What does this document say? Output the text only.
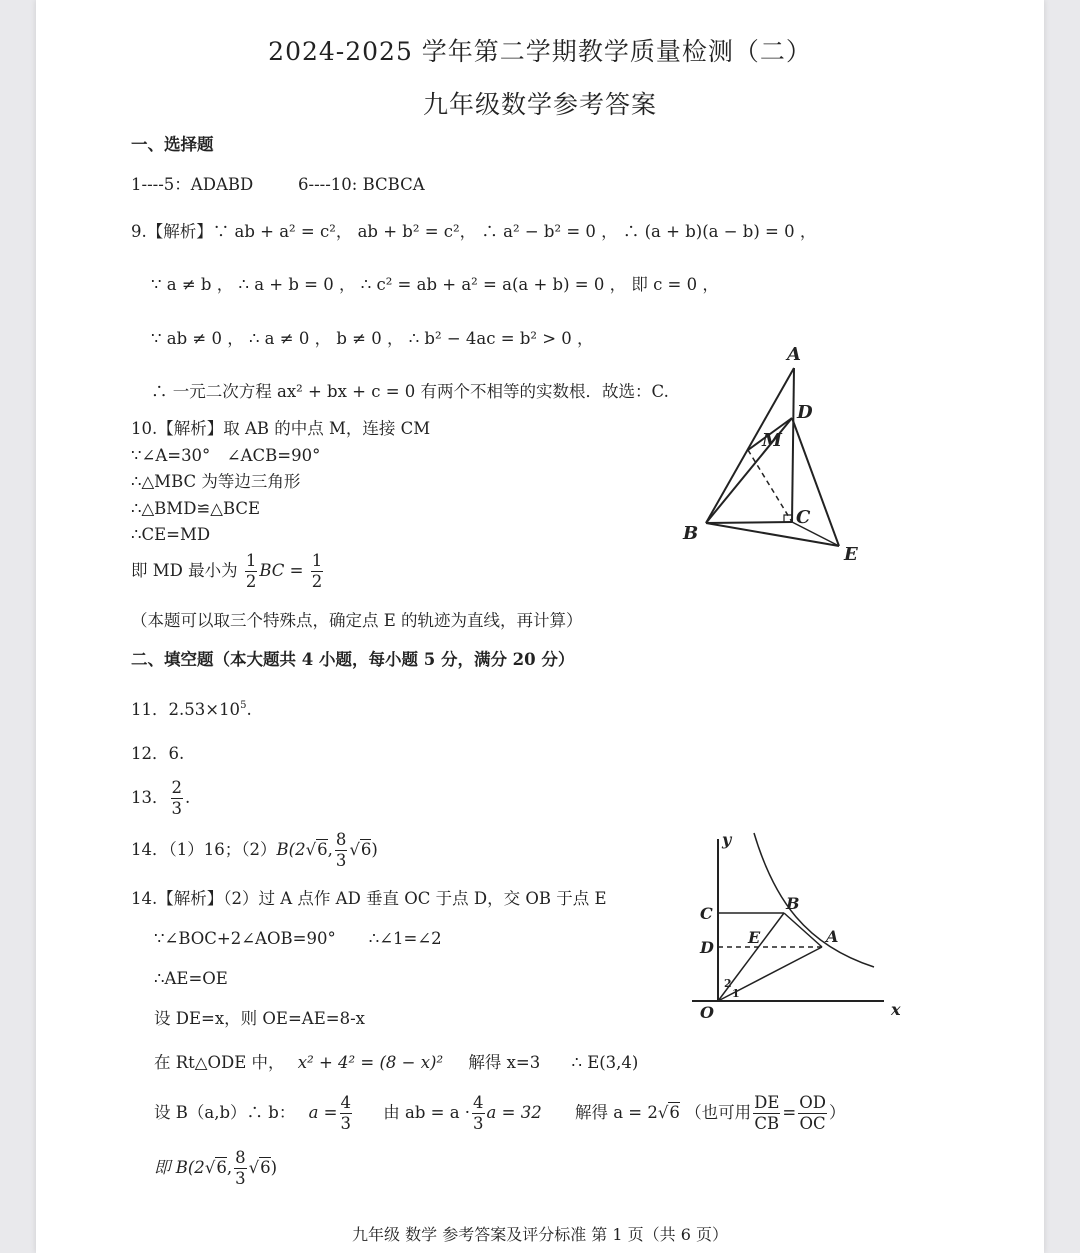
2024-2025 学年第二学期教学质量检测（二）
九年级数学参考答案
一、选择题
1----5：ADABD	6----10: BCBCA
9.【解析】∵ ab + a² = c²， ab + b² = c²， ∴ a² − b² = 0 ， ∴ (a + b)(a − b) = 0 ，
∵ a ≠ b ， ∴ a + b = 0 ， ∴ c² = ab + a² = a(a + b) = 0 ， 即 c = 0 ，
∵ ab ≠ 0 ， ∴ a ≠ 0 ， b ≠ 0 ， ∴ b² − 4ac = b² > 0 ，
∴ 一元二次方程 ax² + bx + c = 0 有两个不相等的实数根．故选：C.
10.【解析】取 AB 的中点 M，连接 CM
∵∠A=30°　∠ACB=90°
∴△MBC 为等边三角形
∴△BMD≌△BCE
∴CE=MD
即 MD 最小为 $\frac{1}{2}$ BC = $\frac{1}{2}$
（本题可以取三个特殊点，确定点 E 的轨迹为直线，再计算）
A
M
D
C
B
E
二、填空题（本大题共 4 小题，每小题 5 分，满分 20 分）
11．$2.53\times 10^5$.
12．6.
13． $\frac{2}{3}$ .
14．（1）16；（2）B(2√6, $\frac{8}{3} √6$)
14.【解析】（2）过 A 点作 AD 垂直 OC 于点 D，交 OB 于点 E
∵∠BOC+2∠AOB=90°　　∴∠1=∠2
∴AE=OE
设 DE=x，则 OE=AE=8-x
在 Rt△ODE 中， x² + 4² = (8 − x)² 解得 x=3 ∴ E(3,4)
设 B（a,b）∴ b： $a = \frac{4}{3}$ 由 ab = $a \cdot \frac{4}{3}$ a = 32 解得 a = 2√6 （也可用 $\frac{DE}{CB} = \frac{OD}{OC}$ ）
即 B(2√6, $\frac{8}{3} √6$)
y
x
O
C
D
B
E	A
1
2
九年级 数学 参考答案及评分标准 第 1 页（共 6 页）
